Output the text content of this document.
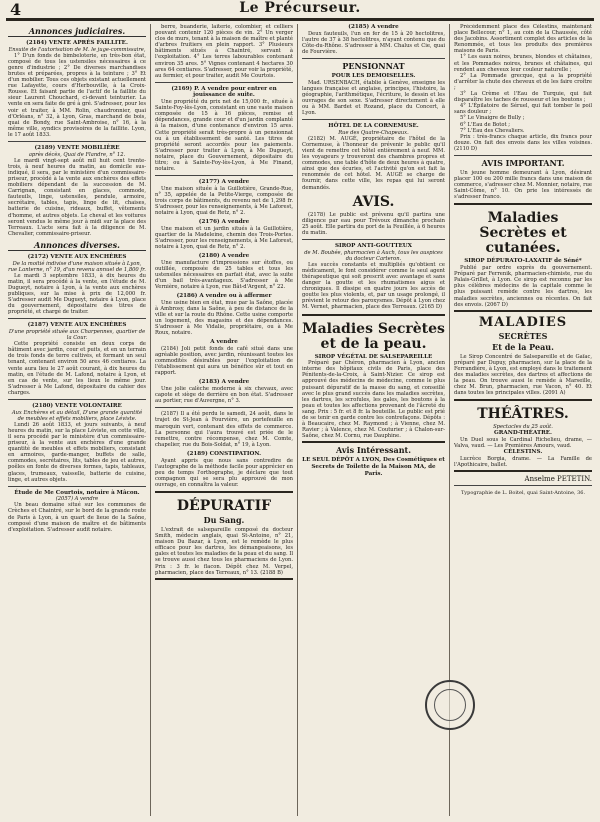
4	Le Précurseur.
Annonces judiciaires.
(2184) VENTE APRÈS FAILLITE.
Ensuite de l'autorisation de M. le juge-commissaire,
1° D'un fonds de bimbeloterie, en très-bon état, composé de tous les ustensiles nécessaires à ce genre d'industrie ; 2° De diverses marchandises brutes et préparées, propres à la teinture ; 3° Et d'un mobilier. Tous ces objets existant actuellement rue Lafayette, cours d'Herbouville, à la Croix-Rousse. Et faisant partie de l'actif de la faillite du sieur Laurent Chouchard, ci-devant teinturier. La vente en sera faite de gré à gré. S'adresser, pour les voir et traiter, à MM. Rolin, chaudronnier, quai d'Orléans, n° 32, à Lyon, Gras, marchand de bois, quai de Bondy, rue Saint-Ambroise, n° 16, à la même ville, syndics provisoires de la faillite. Lyon, le 17 août 1833.
(2189) VENTE MOBILIÈRE
après décès, Quai de Flandre, n° 12.
Le mardi vingt-sept août mil huit cent trente-trois, à neuf heures du matin, au domicile sus-indiqué, il sera, par le ministère d'un commissaire-priseur, procédé à la vente aux enchères des effets mobiliers dépendant de la succession de M. Carrignan, consistant en glaces, commode, fauteuils, linge, ustensiles, pendule, armoire, secrétaire, tables, tapis, linge de lit, chaises, batterie de cuisine, rideaux, buffet, vêtements d'homme, et autres objets. Le cheval et les voitures seront vendus le même jour à midi sur la place des Terreaux. L'acte sera fait à la diligence de M. Chevalier, commissaire-priseur.
Annonces diverses.
(2172) VENTE AUX ENCHÈRES
De la moitié indivise d'une maison située à Lyon, rue Lanterne, n° 19, d'un revenu annuel de 1,800 fr.
Le mardi 3 septembre 1833, à dix heures du matin, il sera procédé à la vente, en l'étude de M. Dugueyt, notaire à Lyon, à la vente aux enchères publiques, sur la mise à prix de 12,000 fr. S'adresser audit Me Dugueyt, notaire à Lyon, place du gouvernement, dépositaire des titres de propriété, et chargé de traiter.
(2187) VENTE AUX ENCHÈRES
D'une propriété située aux Charpennes, quartier de la Cour.
Cette propriété consiste en deux corps de bâtiment avec jardin, cour et puits, et en un terrain de trois fonds de terre cultivés, et formant un seul tenant, contenant environ 50 ares 46 centiares. La vente aura lieu le 27 août courant, à dix heures du matin, en l'étude de M. Lafond, notaire à Lyon, et en cas de vente, sur les lieux le même jour. S'adresser à Me Lafond, dépositaire du cahier des charges.
(2180) VENTE VOLONTAIRE
Aux Enchères et au détail, D'une grande quantité de meubles et effets mobiliers, place Léviste.
Lundi 26 août 1833, et jours suivants, à neuf heures du matin, sur la place Léviste, en cette ville, il sera procédé par le ministère d'un commissaire-priseur, à la vente aux enchères d'une grande quantité de meubles et effets mobiliers, consistant en armoires, garde-manger, buffets de salle, commodes, secrétaires, lits, tables de jeu et autres, poêles en fonte de diverses formes, tapis, tableaux, glaces, trumeaux, vaisselle, batterie de cuisine, linge, et autres objets.
Étude de Me Courtois, notaire à Mâcon.
(2057) A vendre
Un beau domaine situé sur les communes de Crèches et Chaintré, sur le bord de la grande route de Paris à Lyon, à un quart de lieue de la Saône, composé d'une maison de maître et de bâtiments d'exploitation. S'adresser audit notaire.
berre, buanderie, laiterie, colombier, et celliers pouvant contenir 120 pièces de vin. 2° Un verger clos de murs, tenant à la maison de maître et planté d'arbres fruitiers en plein rapport. 3° Plusieurs bâtiments situés à Chaintré, servant à l'exploitation. 4° Les terres labourables contenant environ 35 ares. 5° Vignes contenant 4 hectares 30 ares 64 centiares. S'adresser, pour voir la propriété, au fermier, et pour traiter, audit Me Courtois.
(2169) P. A vendre pour entrer en jouissance de suite.
Une propriété du prix net de 15,000 fr., située à Sainte-Foy-lès-Lyon, consistant en une vaste maison composée de 15 à 16 pièces, remise et dépendances, grande cour et d'un jardin complanté à la maison, d'une contenance d'environ 15 ares. Cette propriété serait très-propre à un pensionnat ou à un établissement de santé. Les titres de propriété seront accordés pour les paiements. S'adresser pour traiter à Lyon, à Me Dugueyt, notaire, place du Gouvernement, dépositaire du titre; ou à Sainte-Foy-lès-Lyon, à Me Finand, notaire.
(2177) A vendre
Une maison située à la Guillotière, Grande-Rue, n° 35, appelée de la Petite-Vierge, composée de trois corps de bâtiments, du revenu net de 1,298 fr. S'adresser, pour les renseignements, à Me Laforest, notaire à Lyon, quai de Retz, n° 2.
(2176) A vendre
Une maison et un jardin situés à la Guillotière, quartier de la Madeleine, chemin des Trois-Portes. S'adresser, pour les renseignements, à Me Laforest, notaire à Lyon, quai de Retz, n° 2.
(2180) A vendre
Une manufacture d'impressions sur étoffes, ou outillée, composée de 25 tables et tous les ustensiles nécessaires en parfait état, avec la suite d'un bail très-avantageux. S'adresser à Me Vernière, notaire à Lyon, rue Bât-d'Argent, n° 22.
(2186) A vendre ou à affermer
Une usine bien en état, mue par la Saône, placée à Ambrosy, dans la Saône, à peu de distance de la ville et sur la route du Rhône. Cette usine comporte un logement, des magasins et des dépendances. S'adresser à Me Vidalie, propriétaire, ou à Me Roux, notaire.
A vendre
(2184) Joli petit fonds de café situé dans une agréable position, avec jardin, réunissant toutes les commodités désirables pour l'exploitation de l'établissement qui aura un bénéfice sûr et tout en rapport.
(2183) A vendre
Une jolie calèche moderne à six chevaux, avec capote et siège de derrière en bon état. S'adresser au portier, rue d'Auvergne, n° 3.
(2187) Il a été perdu le samedi, 24 août, dans le trajet de St-Jean à Fourvière, un portefeuille en maroquin vert, contenant des effets de commerce. La personne qui l'aura trouvé est priée de le remettre, contre récompense, chez M. Comte, chapelier, rue du Bois-Soldat, n° 19, à Lyon.
(2189) CONSTIPATION.
Ayant appris que nous sans contredire de l'autographe de la méthode facile pour apprécier en peu de temps l'orthographe, je déclare que tout compagnon qui se sera plu approuvé de mon ouvrage, en connaîtra la valeur.
DÉPURATIF
Du Sang.
L'extrait de salsepareille composé du docteur Smith, médecin anglais, quai St-Antoine, n° 21, maison Du Bazar, à Lyon, est le remède le plus efficace pour les dartres, les démangeaisons, les gales et toutes les maladies de la peau et du sang. Il se trouve aussi chez tous les pharmaciens de Lyon. Prix : 3 fr. le flacon. Dépôt chez M. Verpel, pharmacien, place des Terreaux, n° 13. (2188 B)
(2185) A vendre
Deux fauteuils, l'un en fer de 15 à 20 hectolitres, l'autre de 37 à 38 hectolitres, n'ayant contenu que du Côte-du-Rhône. S'adresser à MM. Chalus et Cie, quai de Fourvière.
PENSIONNAT
POUR LES DEMOISELLES.
Mad. URSENBACH, établie à Genève, enseigne les langues française et anglaise, principes, l'histoire, la géographie, l'arithmétique, l'écriture, le dessin et les ouvrages de son sexe. S'adresser directement à elle ou à MM. Bardet et Rozand, place du Concert, à Lyon.
HÔTEL DE LA CORNEMUSE.
Rue des Quatre-Chapeaux.
(2182) M. AUGÉ, propriétaire de l'hôtel de la Cornemuse, à l'honneur de prévenir le public qu'il vient de remettre cet hôtel entièrement à neuf. MM. les voyageurs y trouveront des chambres propres et commodes, une table d'hôte de deux heures à quatre, ainsi que des écuries, et l'activité qu'on est fait la renommée de cet hôtel. M. AUGÉ se charge de fournir, dans cette ville, les repas qui lui seront demandés.
AVIS.
(2178) Le public est prévenu qu'il partira une diligence par eau pour Trévoux dimanche prochain 25 août. Elle partira du port de la Feuillée, à 6 heures du matin.
SIROP ANTI-GOUTTEUX
de M. Boubée, pharmacien à Auch, tous les auspices du docteur Carteron.
Les succès constants et multipliés qu'obtient ce médicament, le font considérer comme le seul agent thérapeutique qui soit prescrit avec avantage et sans danger la goutte et les rhumatismes aigus et chroniques. Il dissipe en quatre jours les accès de goutte les plus violents, et, par un usage prolongé, il prévient le retour des paroxysmes. Dépôt à Lyon chez M. Vernet, pharmacien, place des Terreaux. (2165 D)
Maladies Secrètes et de la peau.
SIROP VÉGÉTAL DE SALSEPAREILLE
Préparé par Chéron, pharmacien à Lyon, ancien interne des hôpitaux civils de Paris, place des Pénitents-de-la-Croix, à Saint-Nizier. Ce sirop est approuvé des médecins de médecine, comme le plus puissant dépuratif de la masse du sang, et conseillé avec le plus grand succès dans les maladies secrètes, les dartres, les scrofules, les gales, les boutons à la peau et toutes les affections provenant de l'âcreté du sang. Prix : 5 fr. et 8 fr. la bouteille. Le public est prié de se tenir en garde contre les contrefaçons. Dépôts : à Beaucaire, chez M. Raymond ; à Vienne, chez M. Ravier ; à Valence, chez M. Couturier ; à Chalon-sur-Saône, chez M. Cornu, rue Dauphine.
Avis Intéressant.
LE SEUL DÉPÔT A LYON, Des Cosmétiques et Secrets de Toilette de la Maison MA, de Paris.
Précédemment place des Célestins, maintenant place Bellecour, n° 1, au coin de la Chaussée, côté des Jacobins. Assortiment complet des articles de la Renommée, et tous les produits des premières maisons de Paris.
1° Les eaux noires, brunes, blondes et châtaines, et les Pommades noires, brunes et châtaines, qui rendent aux cheveux leur couleur naturelle ;
2° La Pommade grecque, qui a la propriété d'arrêter la chute des cheveux et de les faire croître ;
3° La Crème et l'Eau de Turquie, qui fait disparaître les taches de rousseur et les boutons ;
4° L'Épilatoire de Séruel, qui fait tomber le poil sans douleur ;
5° Le Vinaigre de Bully ;
6° L'Eau de Botot ;
7° L'Eau des Chevaliers.
Prix : très-francs chaque article, dix francs pour douze. On fait des envois dans les villes voisines. (2110 D)
AVIS IMPORTANT.
Un jeune homme demeurant à Lyon, désirant placer 100 ou 200 mille francs dans une maison de commerce, s'adresser chez M. Monnier, notaire, rue Saint-Côme, n° 10. On prie les intéressés de s'adresser franco.
Maladies Secrètes et cutanées.
SIROP DÉPURATO-LAXATIF de Séné*
Publié par ordre exprès du gouvernement. Préparé par Ferrenik, pharmacien-chimiste, rue du Palais-Grillet, à Lyon. Ce sirop est reconnu par les plus célèbres médecins de la capitale comme le plus puissant remède contre les dartres, les maladies secrètes, anciennes ou récentes. On fait des envois. (2067 D)
MALADIES
SECRÈTES
Et de la Peau.
Le Sirop Concentré de Salsepareille et de Gaïac, préparé par Dupuy, pharmacien, sur la place de la Ferrandière, à Lyon, est employé dans le traitement des maladies secrètes, des dartres et affections de la peau. On trouve aussi le remède à Marseille, chez M. Brun, pharmacien, rue Vacon, n° 40. Et dans toutes les principales villes. (2091 A)
THÉÂTRES.
Spectacles du 25 août.
GRAND-THÉATRE.
Un Duel sous le Cardinal Richelieu, drame, — Valva, vaud. — Les Premières Amours, vaud.
CÉLESTINS.
Lucrèce Borgia, drame. — La Famille de l'Apothicaire, ballet.
Anselme PETETIN.
Typographie de L. Boitel, quai Saint-Antoine, 36.
